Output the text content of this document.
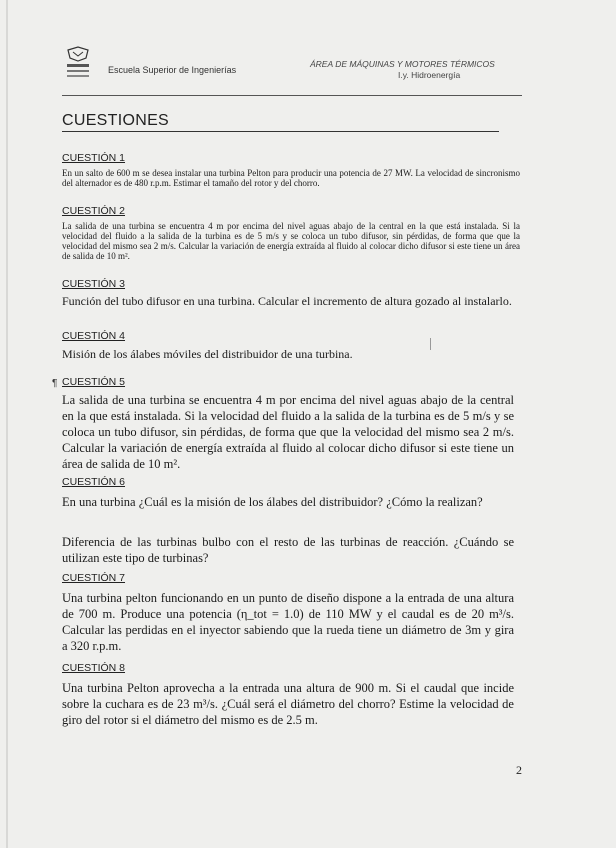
Escuela Superior de Ingenierías
ÁREA DE MÁQUINAS Y MOTORES TÉRMICOS
I.y. Hidroenergía
CUESTIONES
CUESTIÓN 1
En un salto de 600 m se desea instalar una turbina Pelton para producir una potencia de 27 MW. La velocidad de sincronismo del alternador es de 480 r.p.m. Estimar el tamaño del rotor y del chorro.
CUESTIÓN 2
La salida de una turbina se encuentra 4 m por encima del nivel aguas abajo de la central en la que está instalada. Si la velocidad del fluido a la salida de la turbina es de 5 m/s y se coloca un tubo difusor, sin pérdidas, de forma que que la velocidad del mismo sea 2 m/s. Calcular la variación de energía extraída al fluido al colocar dicho difusor si este tiene un área de salida de 10 m².
CUESTIÓN 3
Función del tubo difusor en una turbina. Calcular el incremento de altura gozado al instalarlo.
CUESTIÓN 4
Misión de los álabes móviles del distribuidor de una turbina.
¶ CUESTIÓN 5
La salida de una turbina se encuentra 4 m por encima del nivel aguas abajo de la central en la que está instalada. Si la velocidad del fluido a la salida de la turbina es de 5 m/s y se coloca un tubo difusor, sin pérdidas, de forma que que la velocidad del mismo sea 2 m/s. Calcular la variación de energía extraída al fluido al colocar dicho difusor si este tiene un área de salida de 10 m².
CUESTIÓN 6
En una turbina ¿Cuál es la misión de los álabes del distribuidor? ¿Cómo la realizan?
Diferencia de las turbinas bulbo con el resto de las turbinas de reacción. ¿Cuándo se utilizan este tipo de turbinas?
CUESTIÓN 7
Una turbina pelton funcionando en un punto de diseño dispone a la entrada de una altura de 700 m. Produce una potencia (η_tot = 1.0) de 110 MW y el caudal es de 20 m³/s. Calcular las perdidas en el inyector sabiendo que la rueda tiene un diámetro de 3m y gira a 320 r.p.m.
CUESTIÓN 8
Una turbina Pelton aprovecha a la entrada una altura de 900 m. Si el caudal que incide sobre la cuchara es de 23 m³/s. ¿Cuál será el diámetro del chorro? Estime la velocidad de giro del rotor si el diámetro del mismo es de 2.5 m.
2
